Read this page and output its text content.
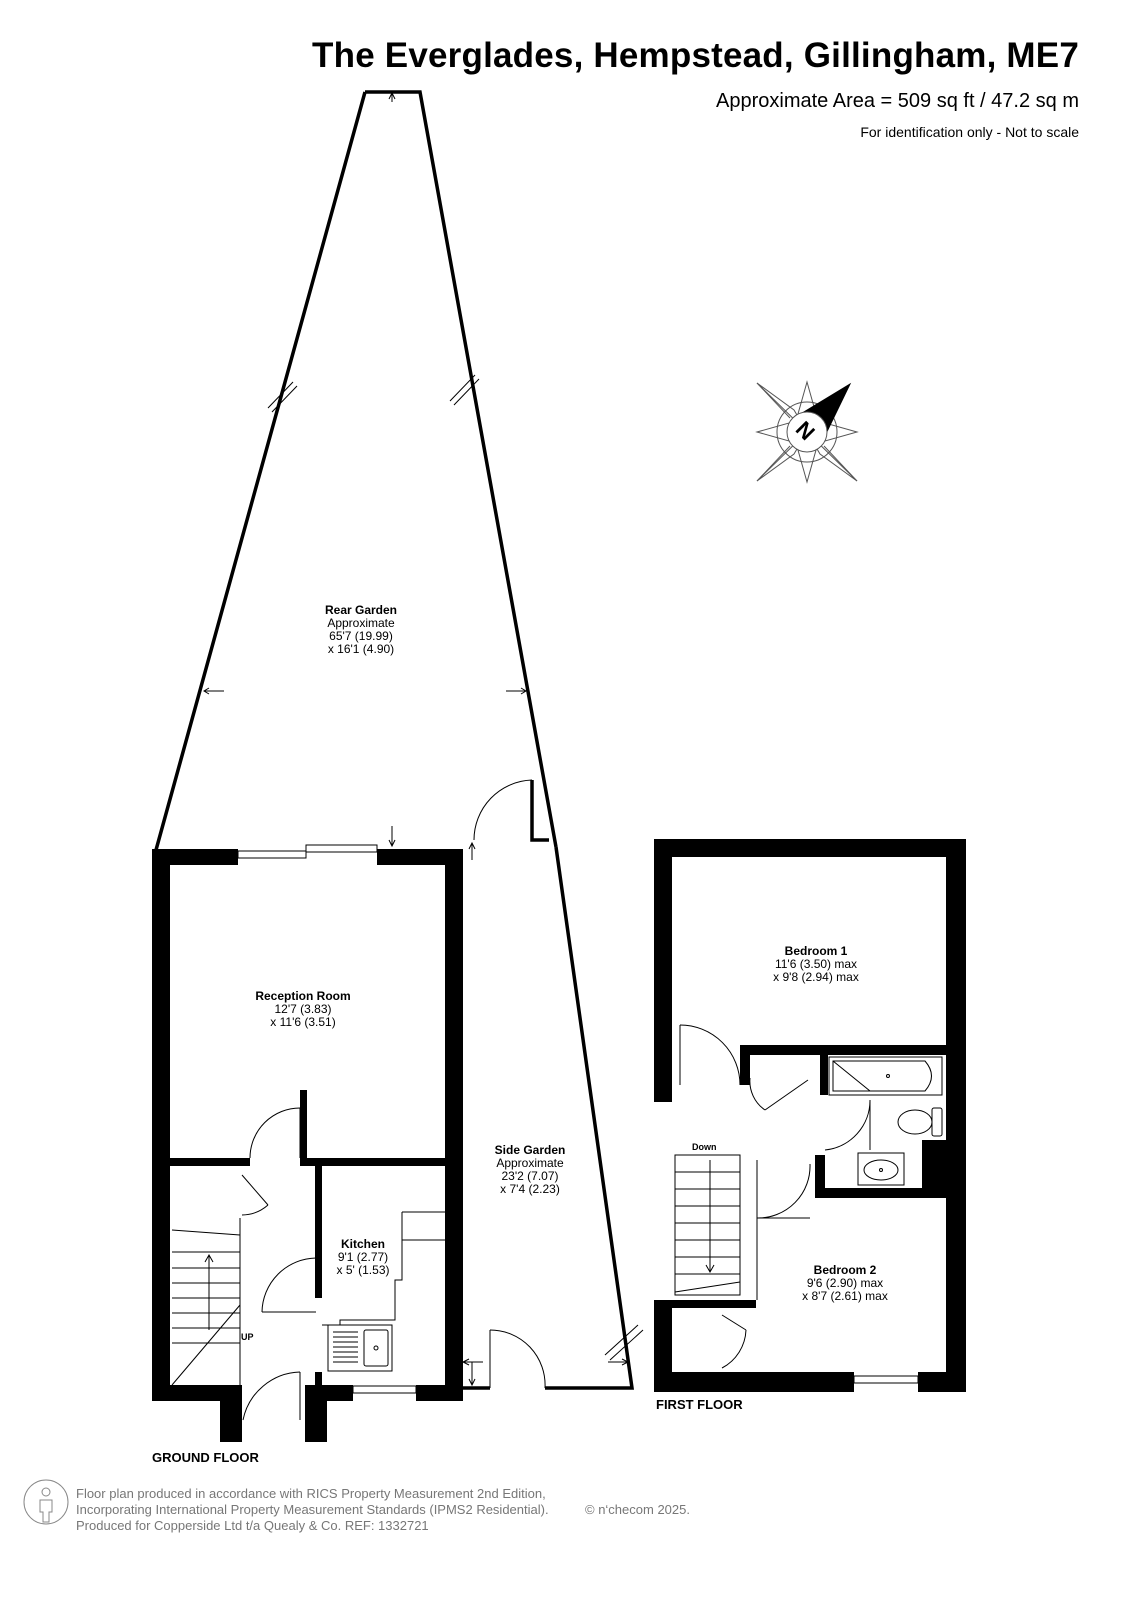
The Everglades, Hempstead, Gillingham, ME7
Approximate Area = 509 sq ft / 47.2 sq m
For identification only - Not to scale
N
Rear Garden
Approximate
65'7 (19.99)
x 16'1 (4.90)
Reception Room
12'7 (3.83)
x 11'6 (3.51)
Side Garden
Approximate
23'2 (7.07)
x 7'4 (2.23)
Kitchen
9'1 (2.77)
x 5' (1.53)
Bedroom 1
11'6 (3.50) max
x 9'8 (2.94) max
Bedroom 2
9'6 (2.90) max
x 8'7 (2.61) max
Down
UP
GROUND FLOOR
FIRST FLOOR
Floor plan produced in accordance with RICS Property Measurement 2nd Edition,
Incorporating International Property Measurement Standards (IPMS2 Residential).
Produced for Copperside Ltd t/a Quealy & Co. REF: 1332721
© n‘checom 2025.
